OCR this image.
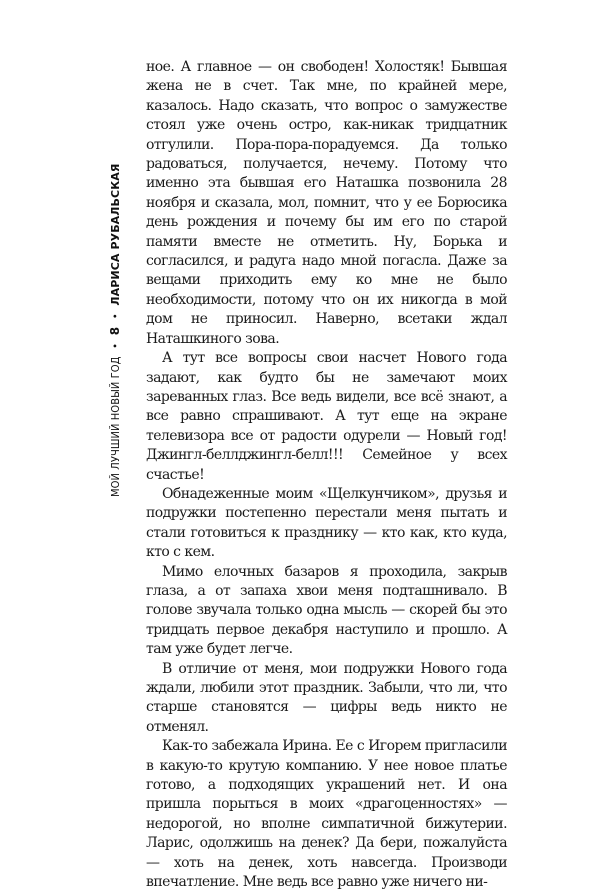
МОЙ ЛУЧШИЙ НОВЫЙ ГОД
•
8
•
ЛАРИСА РУБАЛЬСКАЯ

ное. А главное — он свободен! Холостяк! Бывшая жена не в счет. Так мне, по крайней мере, казалось. Надо сказать, что вопрос о замужестве стоял уже очень остро, как-никак тридцатник отгулили. Пора-пора-порадуемся. Да только радоваться, получается, нечему. Потому что именно эта бывшая его Наташка позвонила 28 ноября и сказала, мол, помнит, что у ее Борюсика день рождения и почему бы им его по старой памяти вместе не отметить. Ну, Борька и согласился, и радуга надо мной погасла. Даже за вещами приходить ему ко мне не было необходимости, потому что он их никогда в мой дом не приносил. Наверно, всетаки ждал Наташкиного зова.

А тут все вопросы свои насчет Нового года задают, как будто бы не замечают моих зареванных глаз. Все ведь видели, все всё знают, а все равно спрашивают. А тут еще на экране телевизора все от радости одурели — Новый год! Джингл-беллджингл-белл!!! Семейное у всех счастье!

Обнадеженные моим «Щелкунчиком», друзья и подружки постепенно перестали меня пытать и стали готовиться к празднику — кто как, кто куда, кто с кем.

Мимо елочных базаров я проходила, закрыв глаза, а от запаха хвои меня подташнивало. В голове звучала только одна мысль — скорей бы это тридцать первое декабря наступило и прошло. А там уже будет легче.

В отличие от меня, мои подружки Нового года ждали, любили этот праздник. Забыли, что ли, что старше становятся — цифры ведь никто не отменял.

Как-то забежала Ирина. Ее с Игорем пригласили в какую-то крутую компанию. У нее новое платье готово, а подходящих украшений нет. И она пришла порыться в моих «драгоценностях» — недорогой, но вполне симпатичной бижутерии. Ларис, одолжишь на денек? Да бери, пожалуйста — хоть на денек, хоть навсегда. Производи впечатление. Мне ведь все равно уже ничего ни-
